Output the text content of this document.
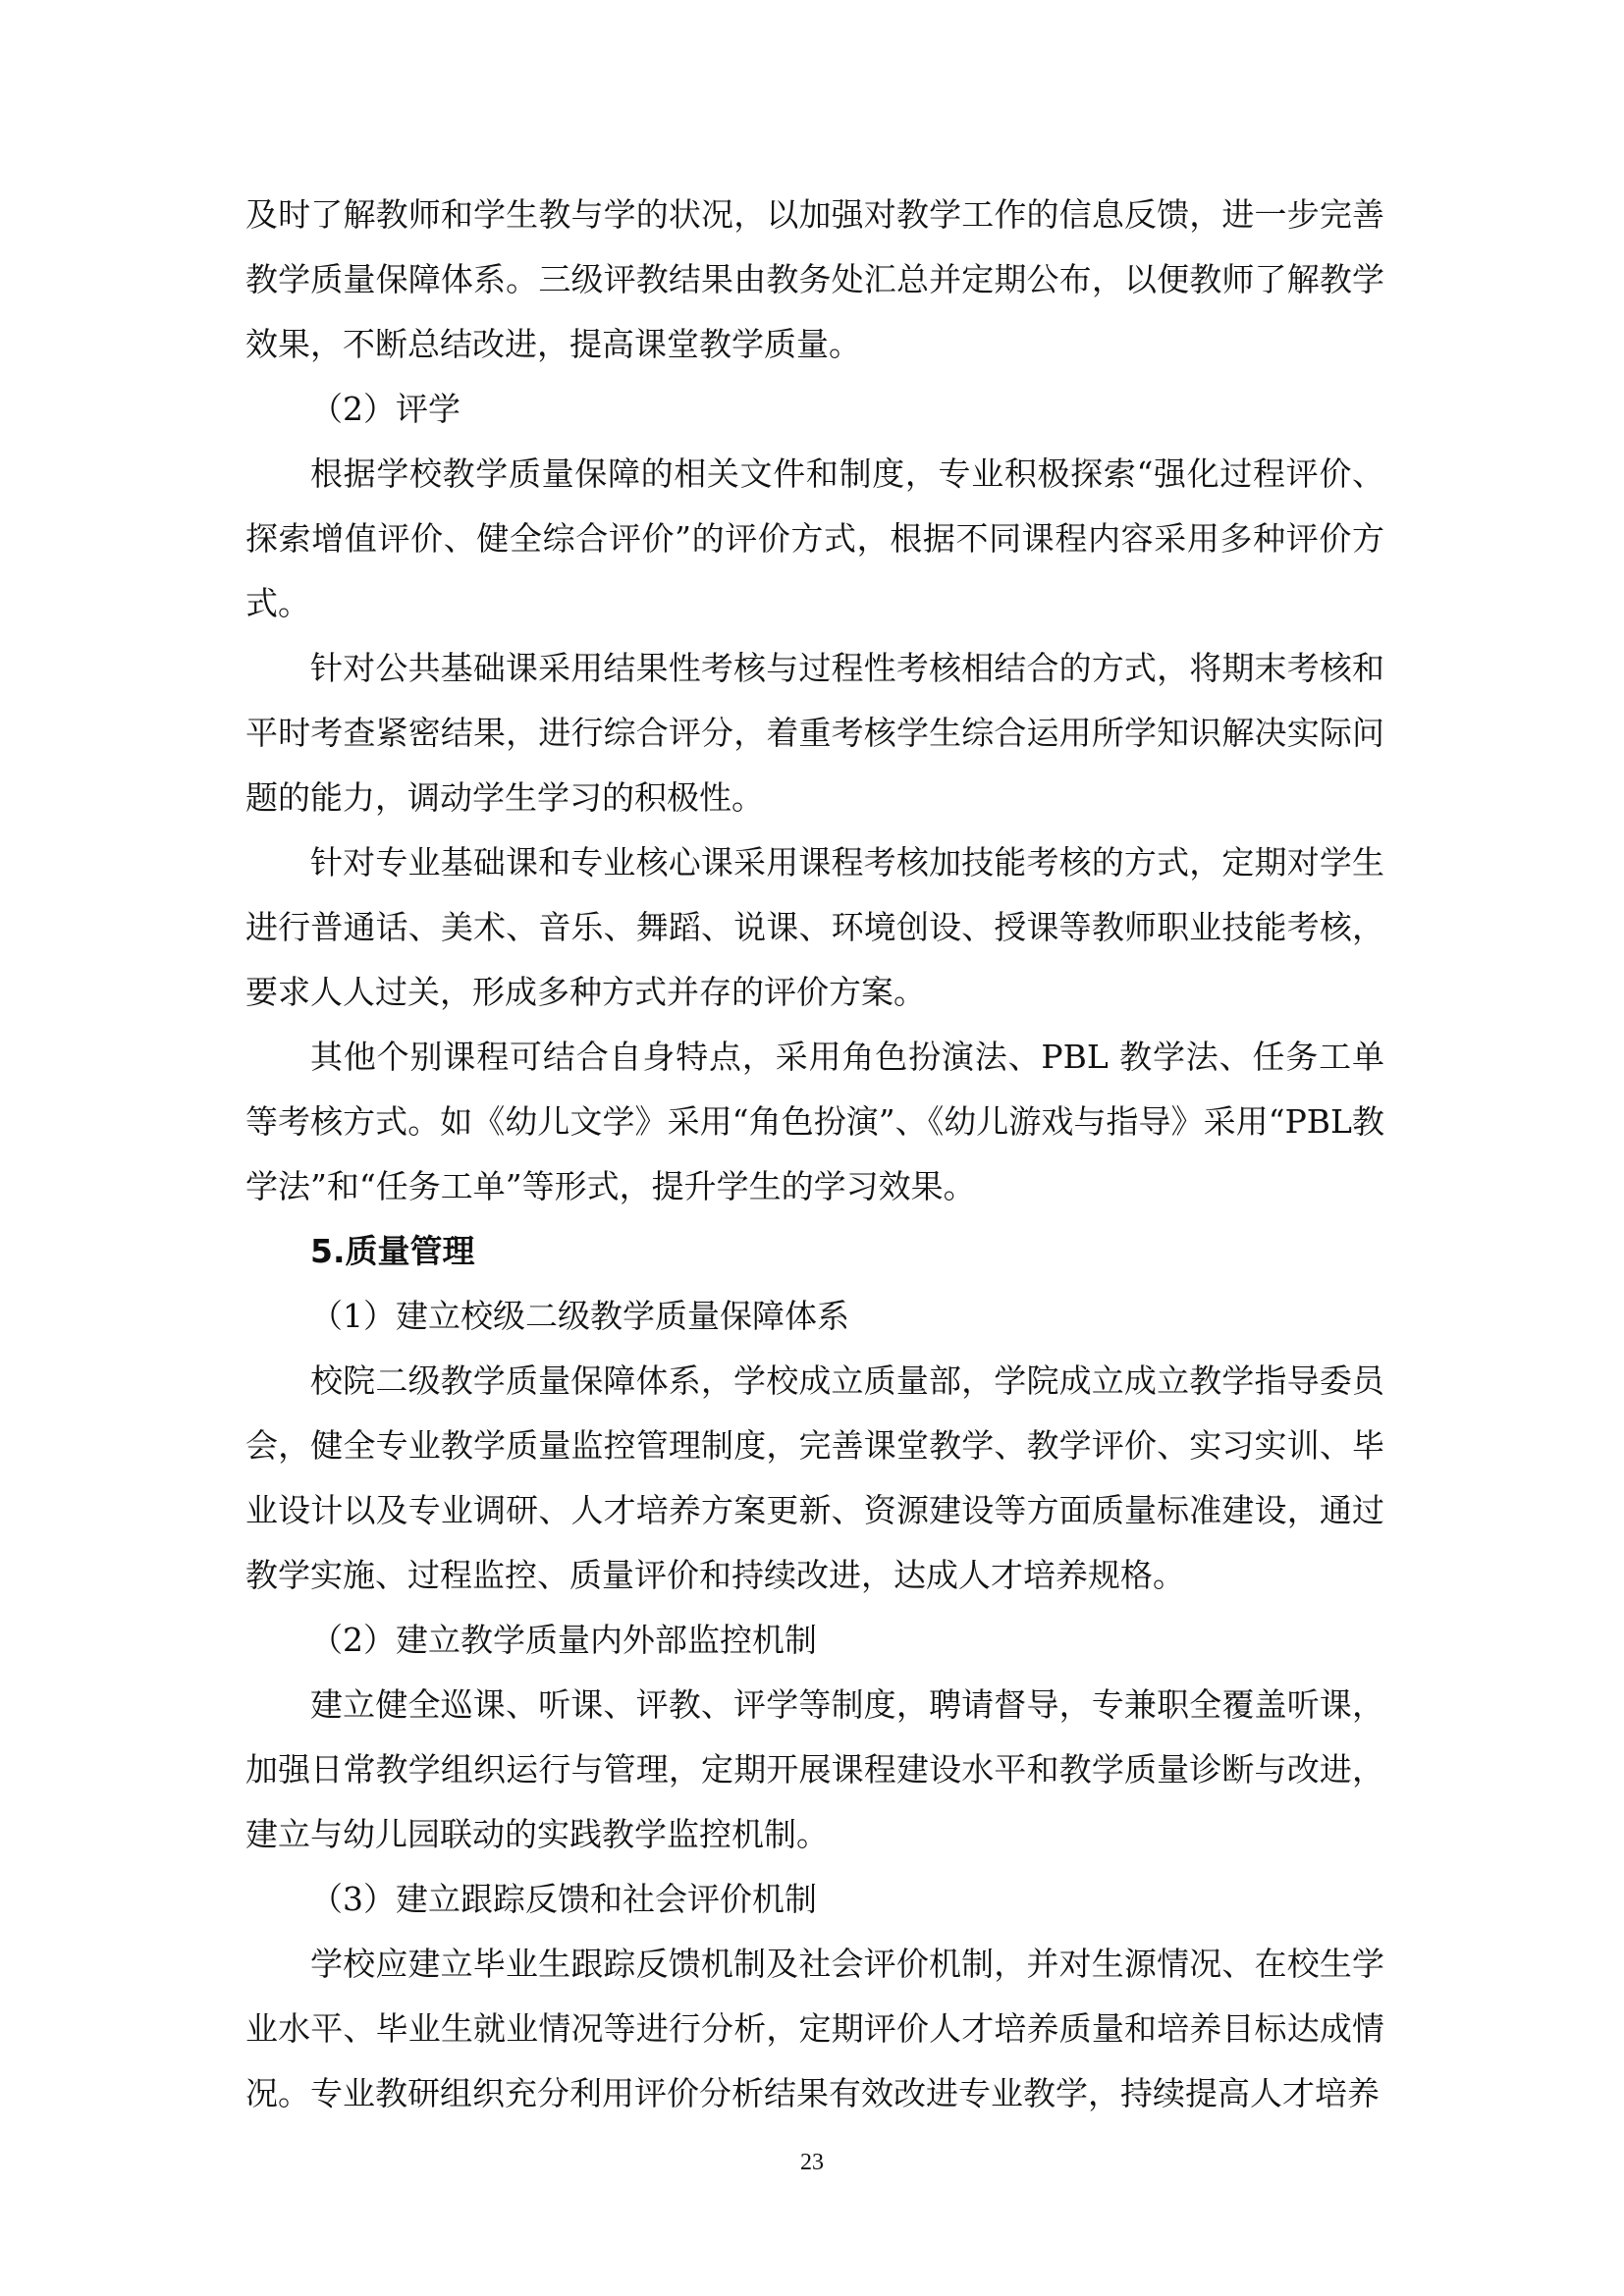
及时了解教师和学生教与学的状况，以加强对教学工作的信息反馈，进一步完善教学质量保障体系。三级评教结果由教务处汇总并定期公布，以便教师了解教学效果，不断总结改进，提高课堂教学质量。

（2）评学

根据学校教学质量保障的相关文件和制度，专业积极探索“强化过程评价、探索增值评价、健全综合评价”的评价方式，根据不同课程内容采用多种评价方式。

针对公共基础课采用结果性考核与过程性考核相结合的方式，将期末考核和平时考查紧密结果，进行综合评分，着重考核学生综合运用所学知识解决实际问题的能力，调动学生学习的积极性。

针对专业基础课和专业核心课采用课程考核加技能考核的方式，定期对学生进行普通话、美术、音乐、舞蹈、说课、环境创设、授课等教师职业技能考核，要求人人过关，形成多种方式并存的评价方案。

其他个别课程可结合自身特点，采用角色扮演法、PBL 教学法、任务工单等考核方式。如《幼儿文学》采用“角色扮演”、《幼儿游戏与指导》采用“PBL教学法”和“任务工单”等形式，提升学生的学习效果。

5.质量管理

（1）建立校级二级教学质量保障体系

校院二级教学质量保障体系，学校成立质量部，学院成立成立教学指导委员会，健全专业教学质量监控管理制度，完善课堂教学、教学评价、实习实训、毕业设计以及专业调研、人才培养方案更新、资源建设等方面质量标准建设，通过教学实施、过程监控、质量评价和持续改进，达成人才培养规格。

（2）建立教学质量内外部监控机制

建立健全巡课、听课、评教、评学等制度，聘请督导，专兼职全覆盖听课，加强日常教学组织运行与管理，定期开展课程建设水平和教学质量诊断与改进，建立与幼儿园联动的实践教学监控机制。

（3）建立跟踪反馈和社会评价机制

学校应建立毕业生跟踪反馈机制及社会评价机制，并对生源情况、在校生学业水平、毕业生就业情况等进行分析，定期评价人才培养质量和培养目标达成情况。专业教研组织充分利用评价分析结果有效改进专业教学，持续提高人才培养

23
